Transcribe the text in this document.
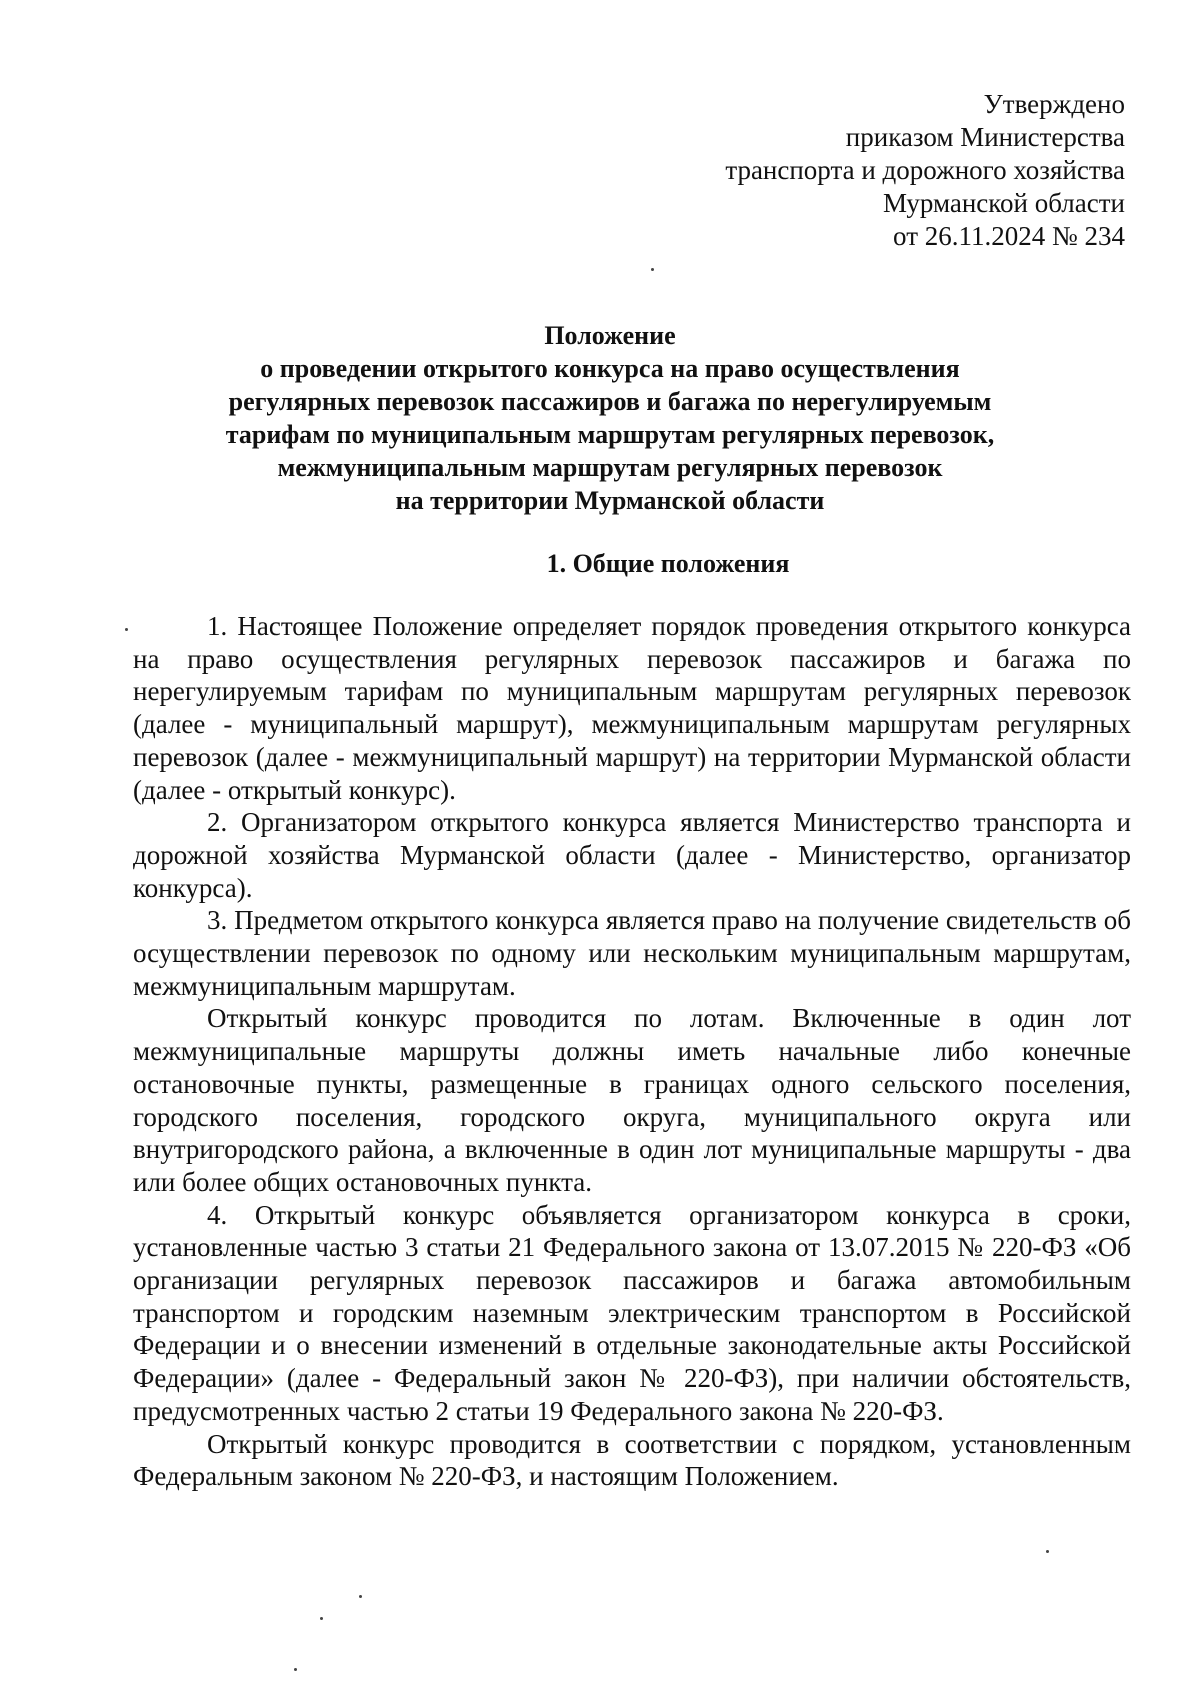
Утверждено
приказом Министерства
транспорта и дорожного хозяйства
Мурманской области
от 26.11.2024 № 234
Положение
о проведении открытого конкурса на право осуществления
регулярных перевозок пассажиров и багажа по нерегулируемым
тарифам по муниципальным маршрутам регулярных перевозок,
межмуниципальным маршрутам регулярных перевозок
на территории Мурманской области
1. Общие положения

1. Настоящее Положение определяет порядок проведения открытого конкурса на право осуществления регулярных перевозок пассажиров и багажа по нерегулируемым тарифам по муниципальным маршрутам регулярных перевозок (далее - муниципальный маршрут), межмуниципальным маршрутам регулярных перевозок (далее - межмуниципальный маршрут) на территории Мурманской области (далее - открытый конкурс).

2. Организатором открытого конкурса является Министерство транспорта и дорожной хозяйства Мурманской области (далее - Министерство, организатор конкурса).

3. Предметом открытого конкурса является право на получение свидетельств об осуществлении перевозок по одному или нескольким муниципальным маршрутам, межмуниципальным маршрутам.

Открытый конкурс проводится по лотам. Включенные в один лот межмуниципальные маршруты должны иметь начальные либо конечные остановочные пункты, размещенные в границах одного сельского поселения, городского поселения, городского округа, муниципального округа или внутригородского района, а включенные в один лот муниципальные маршруты - два или более общих остановочных пункта.

4. Открытый конкурс объявляется организатором конкурса в сроки, установленные частью 3 статьи 21 Федерального закона от 13.07.2015 № 220-ФЗ «Об организации регулярных перевозок пассажиров и багажа автомобильным транспортом и городским наземным электрическим транспортом в Российской Федерации и о внесении изменений в отдельные законодательные акты Российской Федерации» (далее - Федеральный закон № 220-ФЗ), при наличии обстоятельств, предусмотренных частью 2 статьи 19 Федерального закона № 220-ФЗ.

Открытый конкурс проводится в соответствии с порядком, установленным Федеральным законом № 220-ФЗ, и настоящим Положением.
